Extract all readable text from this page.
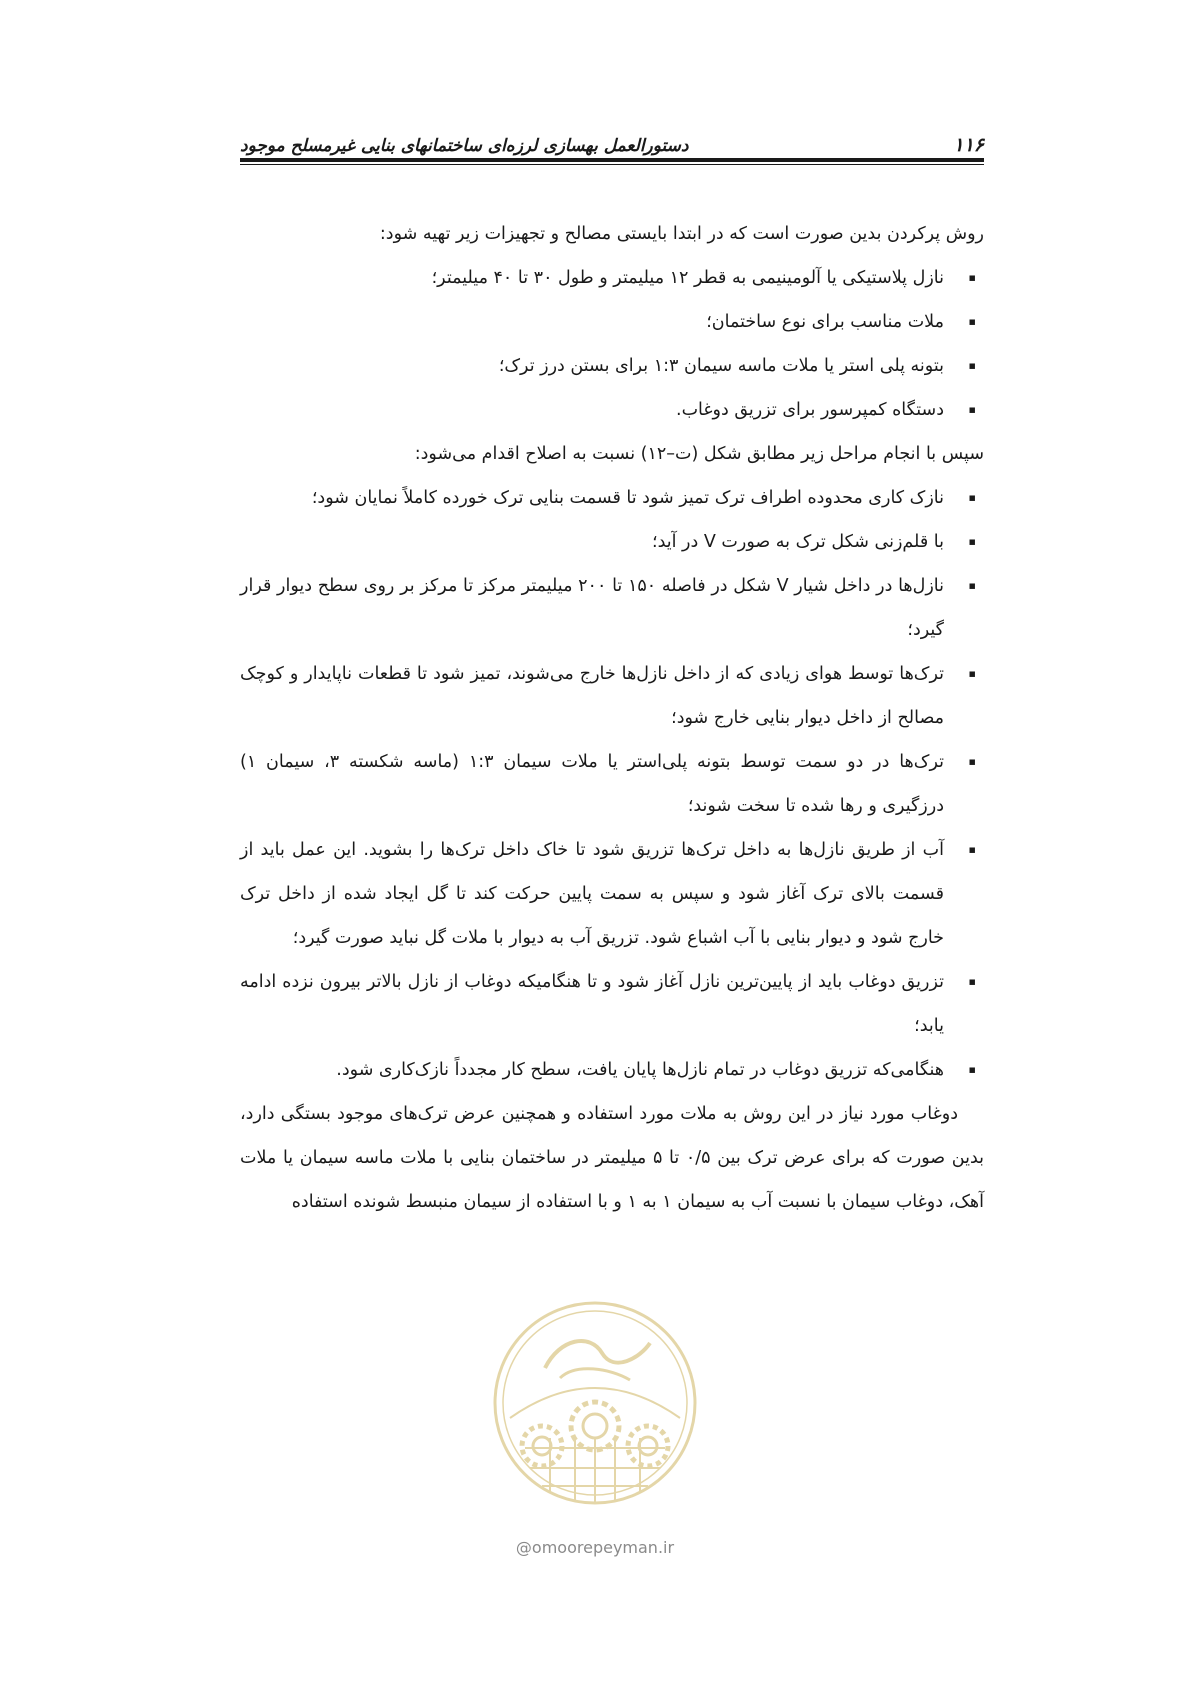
۱۱۶
دستورالعمل بهسازی لرزه‌ای ساختمانهای بنایی غیرمسلح موجود

روش پرکردن بدین صورت است که در ابتدا بایستی مصالح و تجهیزات زیر تهیه شود:

▪
نازل پلاستیکی یا آلومینیمی به قطر ۱۲ میلیمتر و طول ۳۰ تا ۴۰ میلیمتر؛
▪
ملات مناسب برای نوع ساختمان؛
▪
بتونه پلی استر یا ملات ماسه سیمان ۱:۳ برای بستن درز ترک؛
▪
دستگاه کمپرسور برای تزریق دوغاب.

سپس با انجام مراحل زیر مطابق شکل (ت–۱۲) نسبت به اصلاح اقدام می‌شود:

▪
نازک کاری محدوده اطراف ترک تمیز شود تا قسمت بنایی ترک خورده کاملاً نمایان شود؛
▪
با قلم‌زنی شکل ترک به صورت V در آید؛
▪
نازل‌ها در داخل شیار V شکل در فاصله ۱۵۰ تا ۲۰۰ میلیمتر مرکز تا مرکز بر روی سطح دیوار قرار گیرد؛
▪
ترک‌ها توسط هوای زیادی که از داخل نازل‌ها خارج می‌شوند، تمیز شود تا قطعات ناپایدار و کوچک مصالح از داخل دیوار بنایی خارج شود؛
▪
ترک‌ها در دو سمت توسط بتونه پلی‌استر یا ملات سیمان ۱:۳ (ماسه شکسته ۳، سیمان ۱) درزگیری و رها شده تا سخت شوند؛
▪
آب از طریق نازل‌ها به داخل ترک‌ها تزریق شود تا خاک داخل ترک‌ها را بشوید. این عمل باید از قسمت بالای ترک آغاز شود و سپس به سمت پایین حرکت کند تا گل ایجاد شده از داخل ترک خارج شود و دیوار بنایی با آب اشباع شود. تزریق آب به دیوار با ملات گل نباید صورت گیرد؛
▪
تزریق دوغاب باید از پایین‌ترین نازل آغاز شود و تا هنگامیکه دوغاب از نازل بالاتر بیرون نزده ادامه یابد؛
▪
هنگامی‌که تزریق دوغاب در تمام نازل‌ها پایان یافت، سطح کار مجدداً نازک‌کاری شود.

دوغاب مورد نیاز در این روش به ملات مورد استفاده و همچنین عرض ترک‌های موجود بستگی دارد، بدین صورت که برای عرض ترک بین ۰/۵ تا ۵ میلیمتر در ساختمان بنایی با ملات ماسه سیمان یا ملات آهک، دوغاب سیمان با نسبت آب به سیمان ۱ به ۱ و با استفاده از سیمان منبسط شونده استفاده

@omoorepeyman.ir
